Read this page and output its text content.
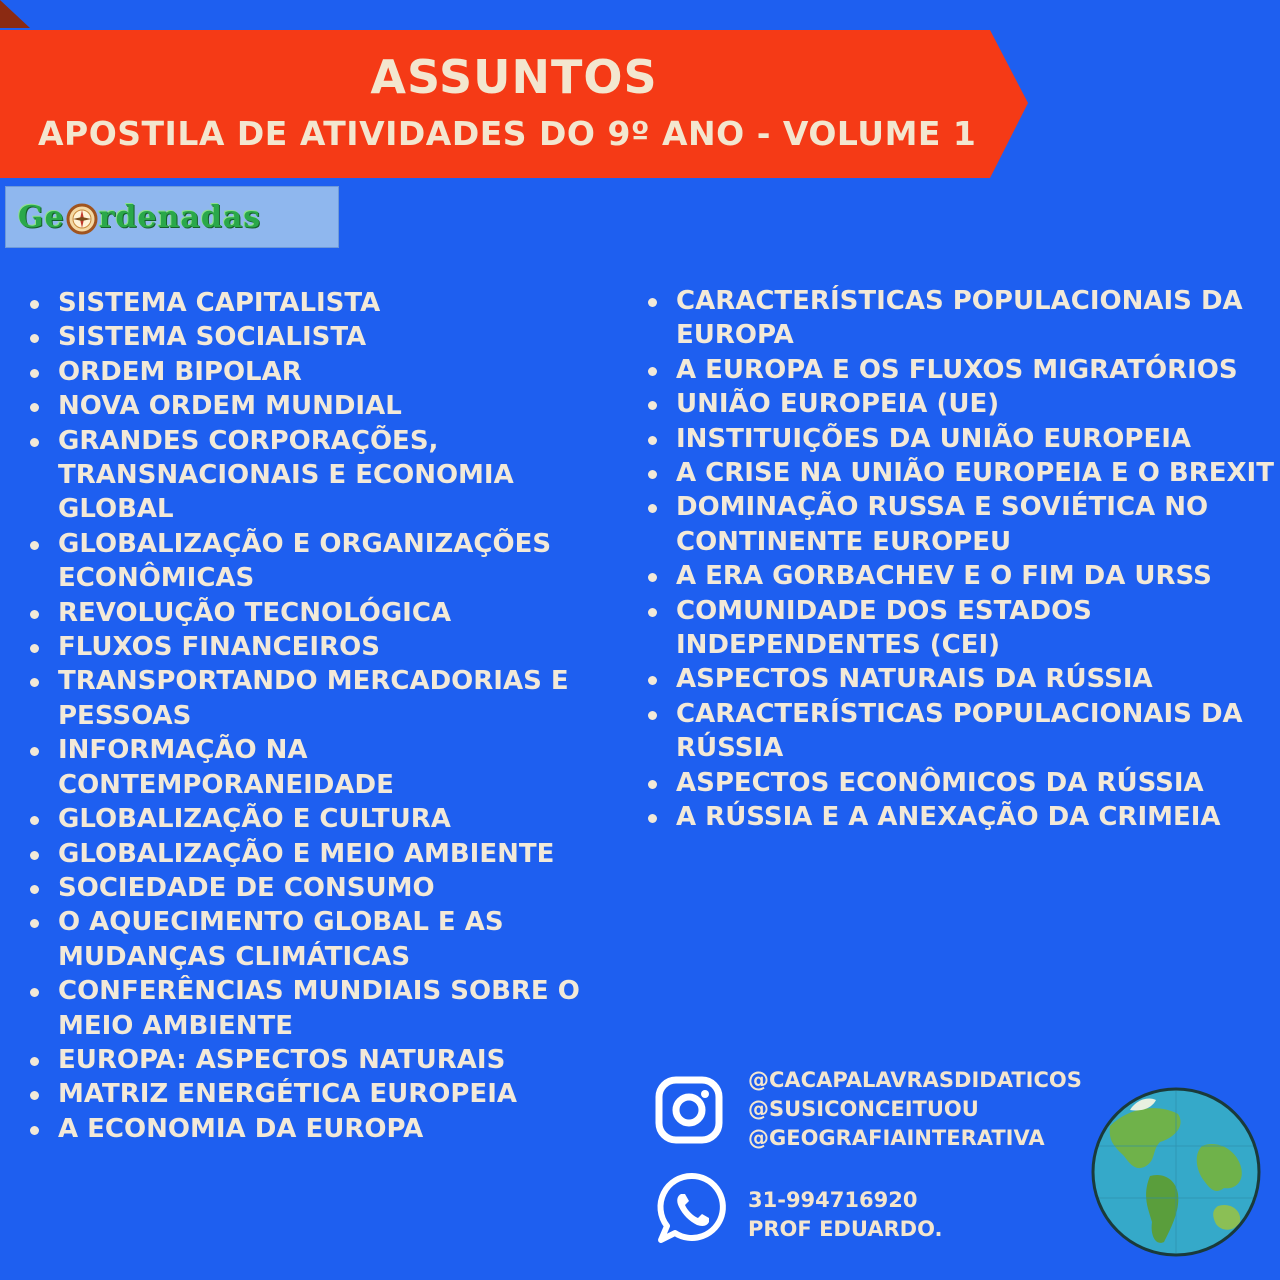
ASSUNTOS
APOSTILA DE ATIVIDADES DO 9º ANO - VOLUME 1
Ge rdenadas
SISTEMA CAPITALISTA
SISTEMA SOCIALISTA
ORDEM BIPOLAR
NOVA ORDEM MUNDIAL
GRANDES CORPORAÇÕES, TRANSNACIONAIS E ECONOMIA GLOBAL
GLOBALIZAÇÃO E ORGANIZAÇÕES ECONÔMICAS
REVOLUÇÃO TECNOLÓGICA
FLUXOS FINANCEIROS
TRANSPORTANDO MERCADORIAS E PESSOAS
INFORMAÇÃO NA CONTEMPORANEIDADE
GLOBALIZAÇÃO E CULTURA
GLOBALIZAÇÃO E MEIO AMBIENTE
SOCIEDADE DE CONSUMO
O AQUECIMENTO GLOBAL E AS MUDANÇAS CLIMÁTICAS
CONFERÊNCIAS MUNDIAIS SOBRE O MEIO AMBIENTE
EUROPA: ASPECTOS NATURAIS
MATRIZ ENERGÉTICA EUROPEIA
A ECONOMIA DA EUROPA
CARACTERÍSTICAS POPULACIONAIS DA EUROPA
A EUROPA E OS FLUXOS MIGRATÓRIOS
UNIÃO EUROPEIA (UE)
INSTITUIÇÕES DA UNIÃO EUROPEIA
A CRISE NA UNIÃO EUROPEIA E O BREXIT
DOMINAÇÃO RUSSA E SOVIÉTICA NO CONTINENTE EUROPEU
A ERA GORBACHEV E O FIM DA URSS
COMUNIDADE DOS ESTADOS INDEPENDENTES (CEI)
ASPECTOS NATURAIS DA RÚSSIA
CARACTERÍSTICAS POPULACIONAIS DA RÚSSIA
ASPECTOS ECONÔMICOS DA RÚSSIA
A RÚSSIA E A ANEXAÇÃO DA CRIMEIA

@CACAPALAVRASDIDATICOS

@SUSICONCEITUOU

@GEOGRAFIAINTERATIVA

31-994716920

PROF EDUARDO.
